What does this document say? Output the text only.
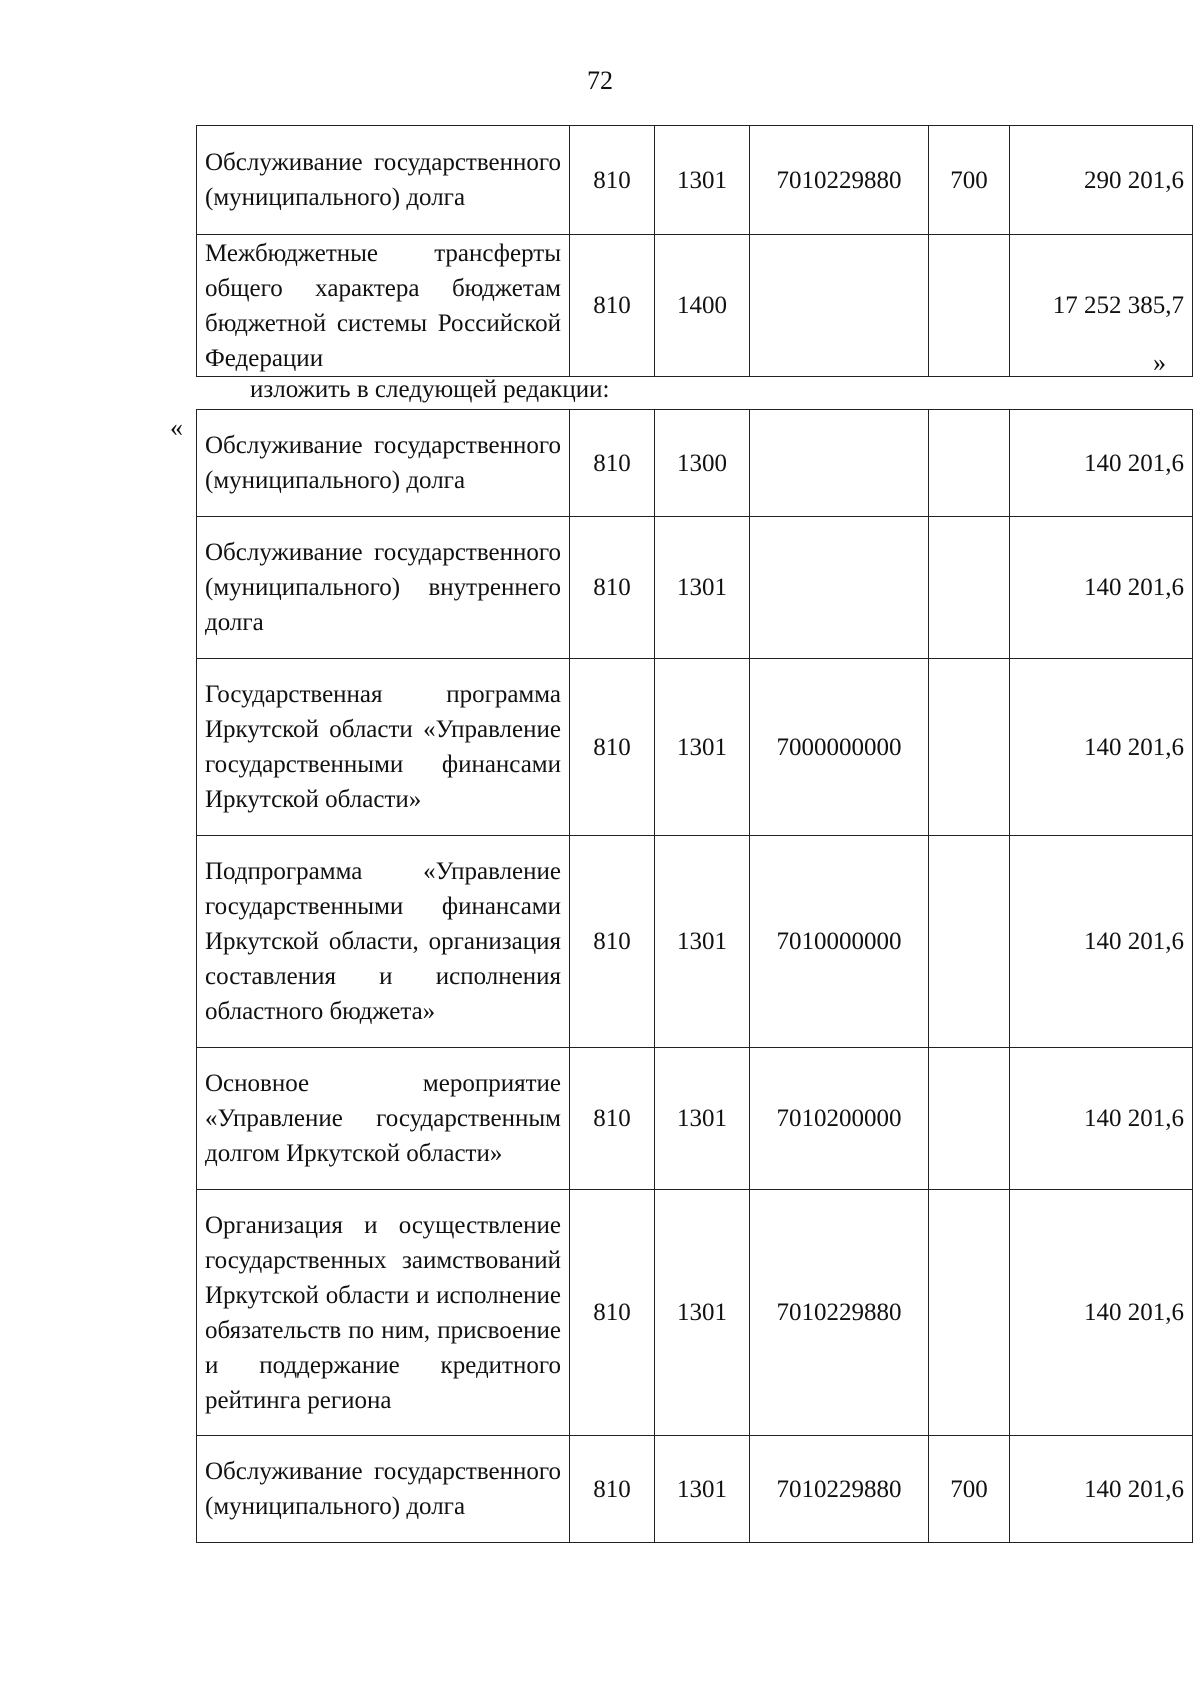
72
Обслуживание государственного (муниципального) долга	810	1301	7010229880	700	290 201,6
Межбюджетные трансферты общего характера бюджетам бюджетной системы Российской Федерации	810	1400			17 252 385,7
»
изложить в следующей редакции:
«
Обслуживание государственного (муниципального) долга	810	1300			140 201,6
Обслуживание государственного (муниципального) внутреннего долга	810	1301			140 201,6
Государственная программа Иркутской области «Управление государственными финансами Иркутской области»	810	1301	7000000000		140 201,6
Подпрограмма «Управление государственными финансами Иркутской области, организация составления и исполнения областного бюджета»	810	1301	7010000000		140 201,6
Основное мероприятие «Управление государственным долгом Иркутской области»	810	1301	7010200000		140 201,6
Организация и осуществление государственных заимствований Иркутской области и исполнение обязательств по ним, присвоение и поддержание кредитного рейтинга региона	810	1301	7010229880		140 201,6
Обслуживание государственного (муниципального) долга	810	1301	7010229880	700	140 201,6
